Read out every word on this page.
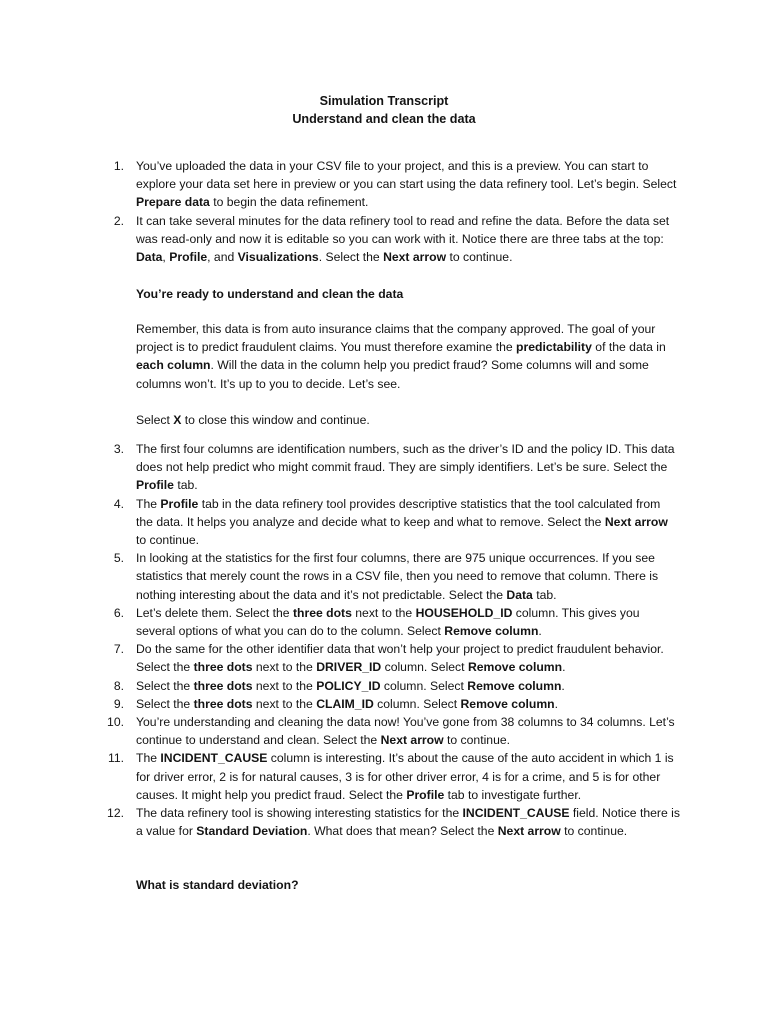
Simulation Transcript
Understand and clean the data
1. You’ve uploaded the data in your CSV file to your project, and this is a preview. You can start to explore your data set here in preview or you can start using the data refinery tool. Let’s begin. Select Prepare data to begin the data refinement.
2. It can take several minutes for the data refinery tool to read and refine the data. Before the data set was read-only and now it is editable so you can work with it. Notice there are three tabs at the top: Data, Profile, and Visualizations. Select the Next arrow to continue.

You’re ready to understand and clean the data

Remember, this data is from auto insurance claims that the company approved. The goal of your project is to predict fraudulent claims. You must therefore examine the predictability of the data in each column. Will the data in the column help you predict fraud? Some columns will and some columns won’t. It’s up to you to decide. Let’s see.

Select X to close this window and continue.

3. The first four columns are identification numbers, such as the driver’s ID and the policy ID. This data does not help predict who might commit fraud. They are simply identifiers. Let’s be sure. Select the Profile tab.
4. The Profile tab in the data refinery tool provides descriptive statistics that the tool calculated from the data. It helps you analyze and decide what to keep and what to remove. Select the Next arrow to continue.
5. In looking at the statistics for the first four columns, there are 975 unique occurrences. If you see statistics that merely count the rows in a CSV file, then you need to remove that column. There is nothing interesting about the data and it’s not predictable. Select the Data tab.
6. Let’s delete them. Select the three dots next to the HOUSEHOLD_ID column. This gives you several options of what you can do to the column. Select Remove column.
7. Do the same for the other identifier data that won’t help your project to predict fraudulent behavior. Select the three dots next to the DRIVER_ID column. Select Remove column.
8. Select the three dots next to the POLICY_ID column. Select Remove column.
9. Select the three dots next to the CLAIM_ID column. Select Remove column.
10. You’re understanding and cleaning the data now! You’ve gone from 38 columns to 34 columns. Let’s continue to understand and clean. Select the Next arrow to continue.
11. The INCIDENT_CAUSE column is interesting. It’s about the cause of the auto accident in which 1 is for driver error, 2 is for natural causes, 3 is for other driver error, 4 is for a crime, and 5 is for other causes. It might help you predict fraud. Select the Profile tab to investigate further.
12. The data refinery tool is showing interesting statistics for the INCIDENT_CAUSE field. Notice there is a value for Standard Deviation. What does that mean? Select the Next arrow to continue.

What is standard deviation?
